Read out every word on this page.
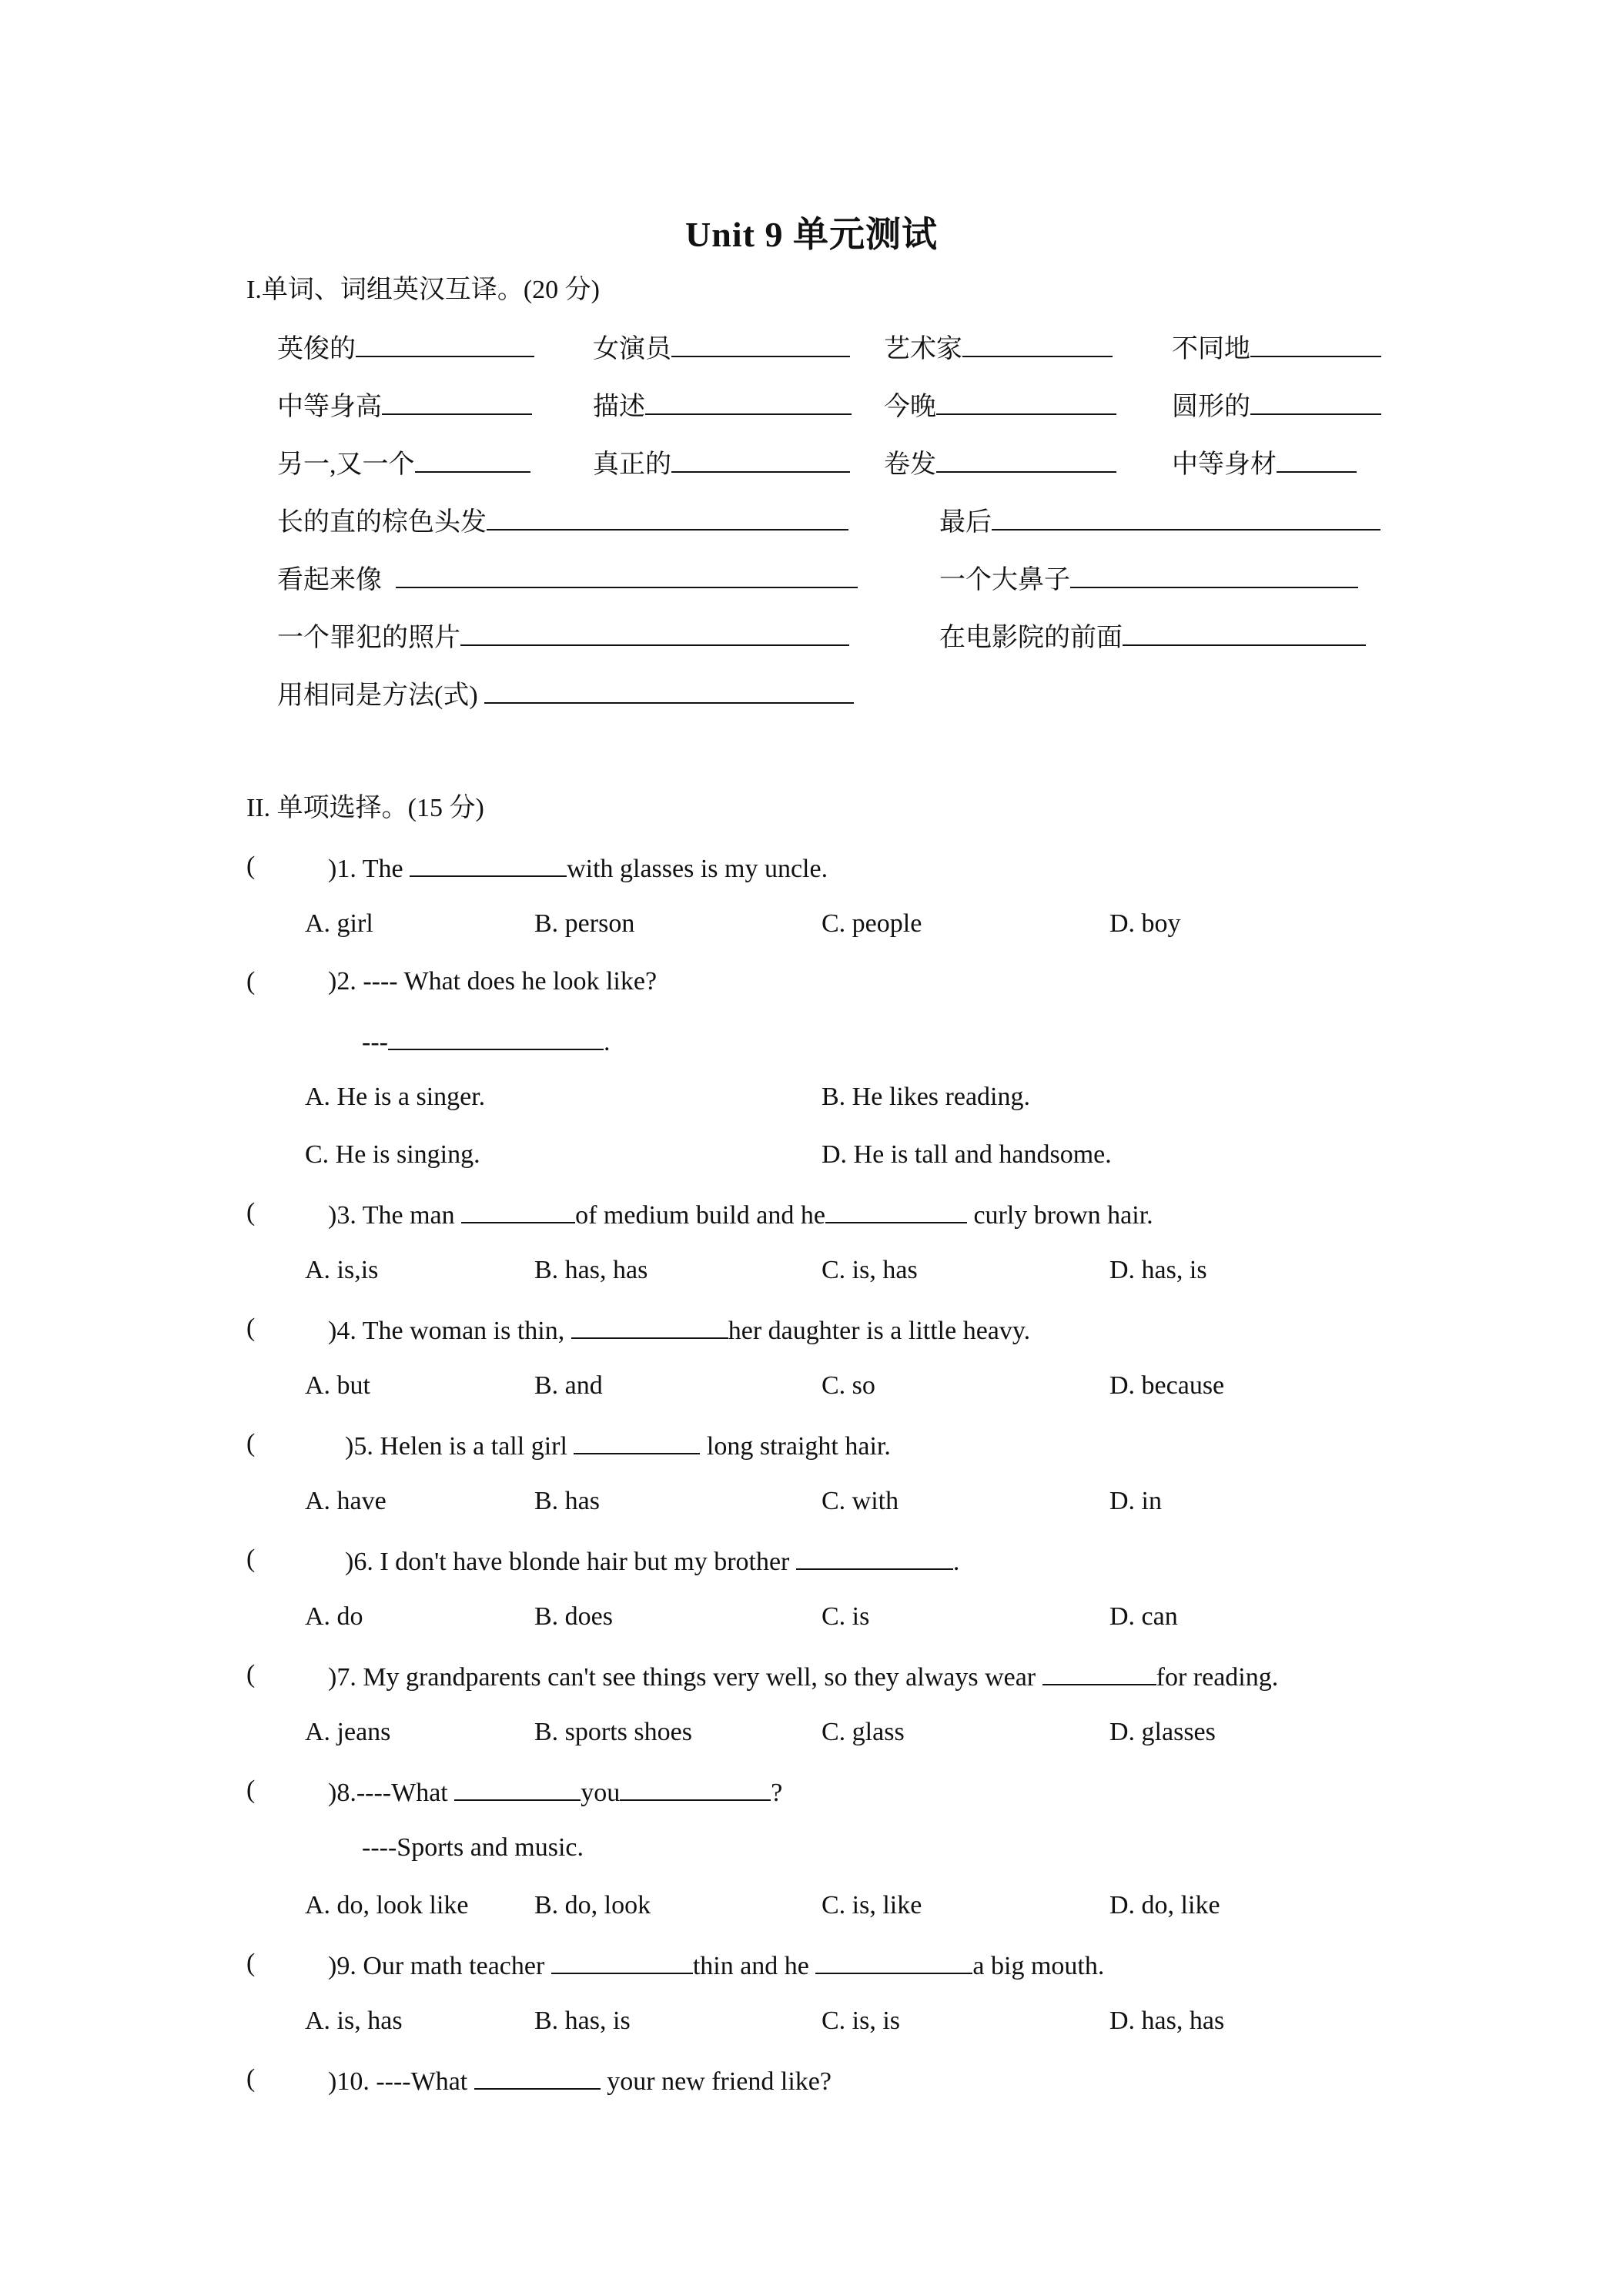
Unit 9 单元测试
I.单词、词组英汉互译。(20 分)
英俊的	女演员	艺术家	不同地
中等身高	描述	今晚	圆形的
另一,又一个	真正的	卷发	中等身材
长的直的棕色头发	最后
看起来像	一个大鼻子
一个罪犯的照片	在电影院的前面
用相同是方法(式)
II. 单项选择。(15 分)
(	)1. The	with glasses is my uncle.
A. girl	B. person	C. people	D. boy
(	)2. ---- What does he look like?
---	.
A. He is a singer.	B. He likes reading.
C. He is singing.	D. He is tall and handsome.
(	)3. The man	of medium build and he	curly brown hair.
A. is,is	B. has, has	C. is, has	D. has, is
(	)4. The woman is thin,	her daughter is a little heavy.
A. but	B. and	C. so	D. because
(	)5. Helen is a tall girl	long straight hair.
A. have	B. has	C. with	D. in
(	)6. I don't have blonde hair but my brother	.
A. do	B. does	C. is	D. can
(	)7. My grandparents can't see things very well, so they always wear	for reading.
A. jeans	B. sports shoes	C. glass	D. glasses
(	)8.----What	you	?
----Sports and music.
A. do, look like	B. do, look	C. is, like	D. do, like
(	)9. Our math teacher	thin and he	a big mouth.
A. is, has	B. has, is	C. is, is	D. has, has
(	)10. ----What	your new friend like?
